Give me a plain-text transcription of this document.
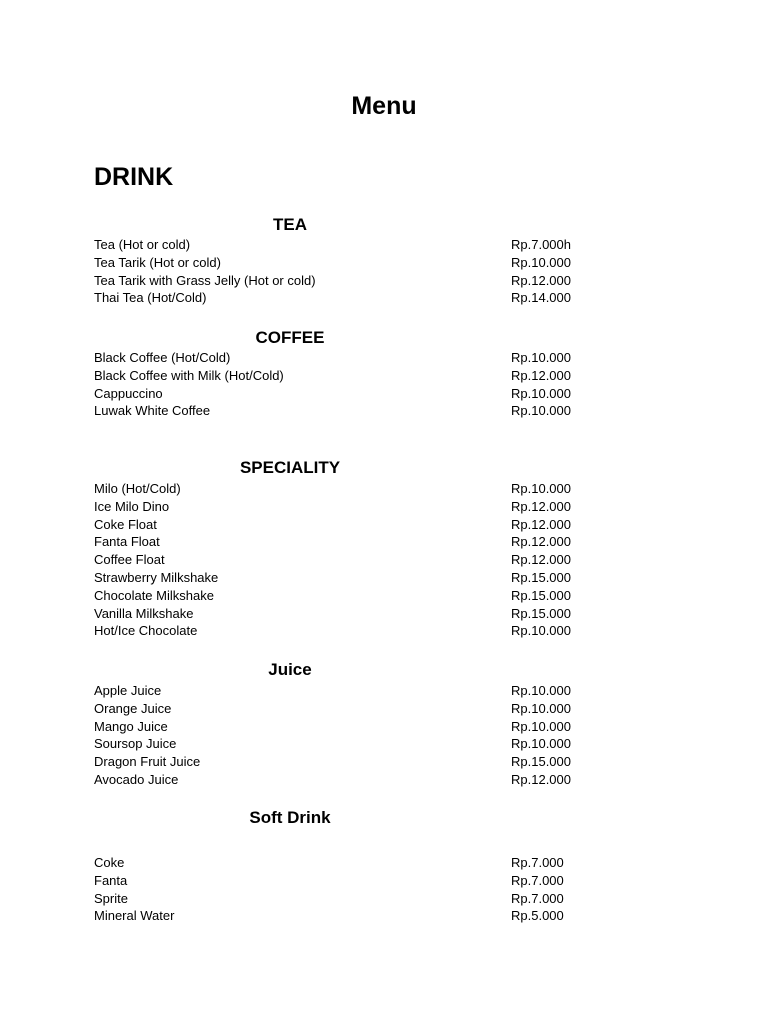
Menu
DRINK
TEA
Tea (Hot or cold)	Rp.7.000h
Tea Tarik (Hot or cold)	Rp.10.000
Tea Tarik with Grass Jelly (Hot or cold)	Rp.12.000
Thai Tea (Hot/Cold)	Rp.14.000
COFFEE
Black Coffee (Hot/Cold)	Rp.10.000
Black Coffee with Milk (Hot/Cold)	Rp.12.000
Cappuccino	Rp.10.000
Luwak White Coffee	Rp.10.000
SPECIALITY
Milo (Hot/Cold)	Rp.10.000
Ice Milo Dino	Rp.12.000
Coke Float	Rp.12.000
Fanta Float	Rp.12.000
Coffee Float	Rp.12.000
Strawberry Milkshake	Rp.15.000
Chocolate Milkshake	Rp.15.000
Vanilla Milkshake	Rp.15.000
Hot/Ice Chocolate	Rp.10.000
Juice
Apple Juice	Rp.10.000
Orange Juice	Rp.10.000
Mango Juice	Rp.10.000
Soursop Juice	Rp.10.000
Dragon Fruit Juice	Rp.15.000
Avocado Juice	Rp.12.000
Soft Drink
Coke	Rp.7.000
Fanta	Rp.7.000
Sprite	Rp.7.000
Mineral Water	Rp.5.000
